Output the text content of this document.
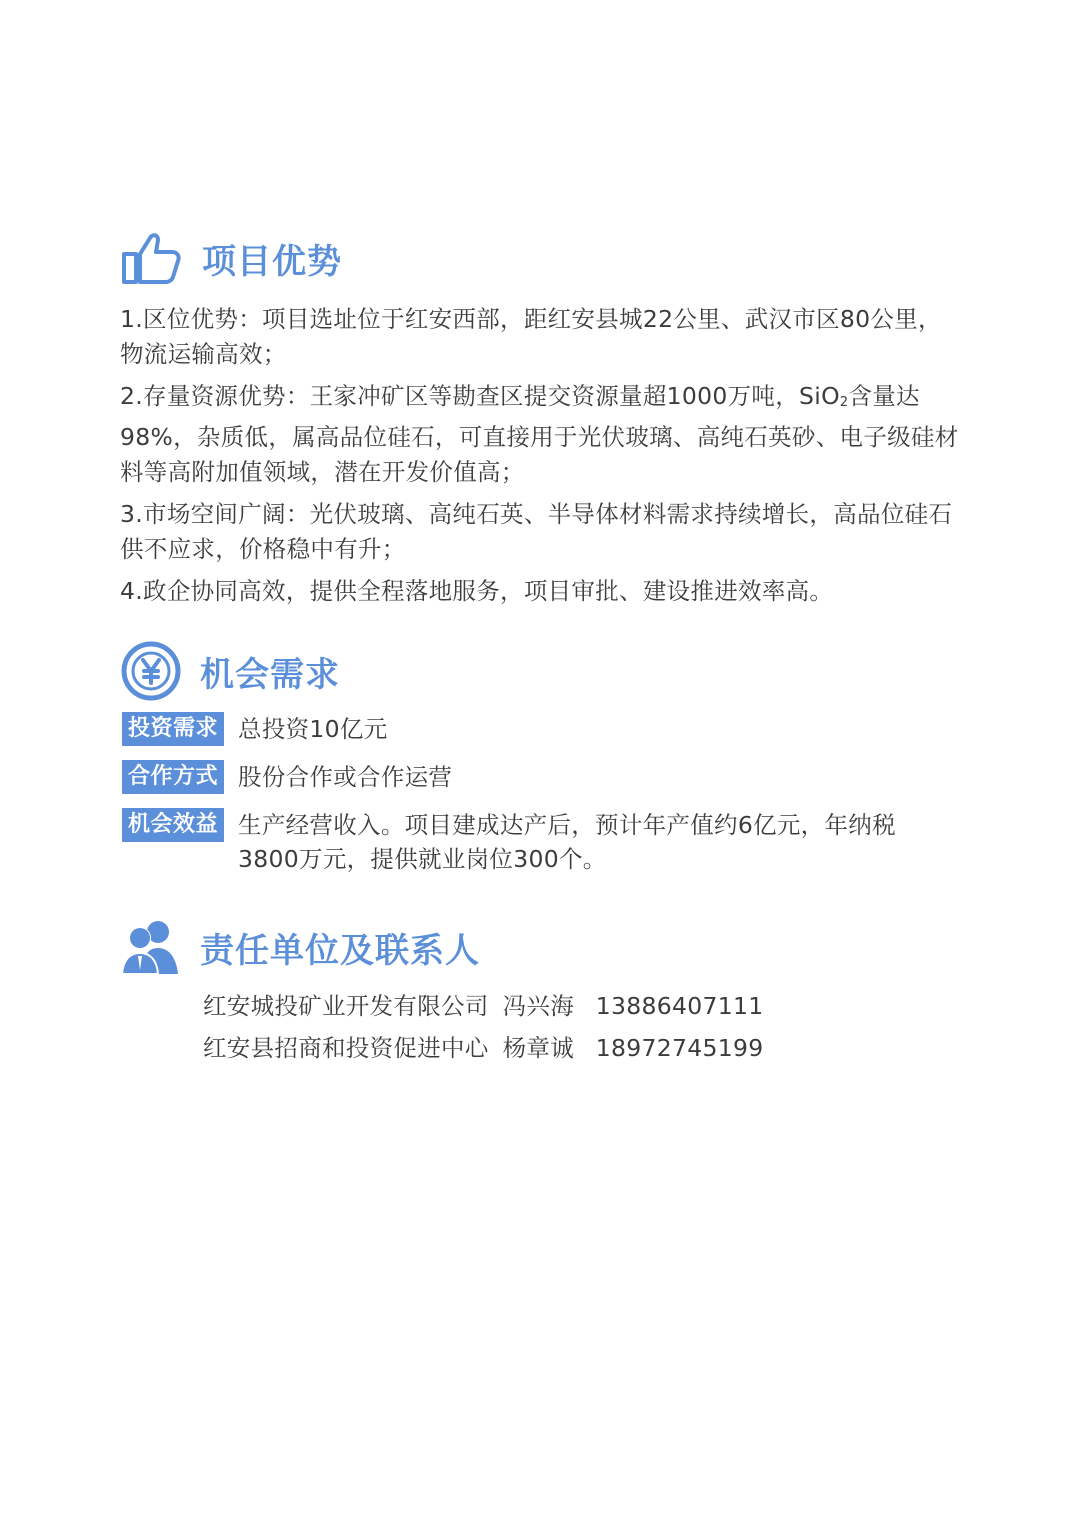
项目优势

1.区位优势：项目选址位于红安西部，距红安县城22公里、武汉市区80公里，物流运输高效；

2.存量资源优势：王家冲矿区等勘查区提交资源量超1000万吨，SiO2含量达98%，杂质低，属高品位硅石，可直接用于光伏玻璃、高纯石英砂、电子级硅材料等高附加值领域，潜在开发价值高；

3.市场空间广阔：光伏玻璃、高纯石英、半导体材料需求持续增长，高品位硅石供不应求，价格稳中有升；

4.政企协同高效，提供全程落地服务，项目审批、建设推进效率高。

机会需求
投资需求 总投资10亿元
合作方式 股份合作或合作运营
机会效益 生产经营收入。项目建成达产后，预计年产值约6亿元，年纳税3800万元，提供就业岗位300个。
责任单位及联系人
红安城投矿业开发有限公司 冯兴海 13886407111
红安县招商和投资促进中心 杨章诚 18972745199
